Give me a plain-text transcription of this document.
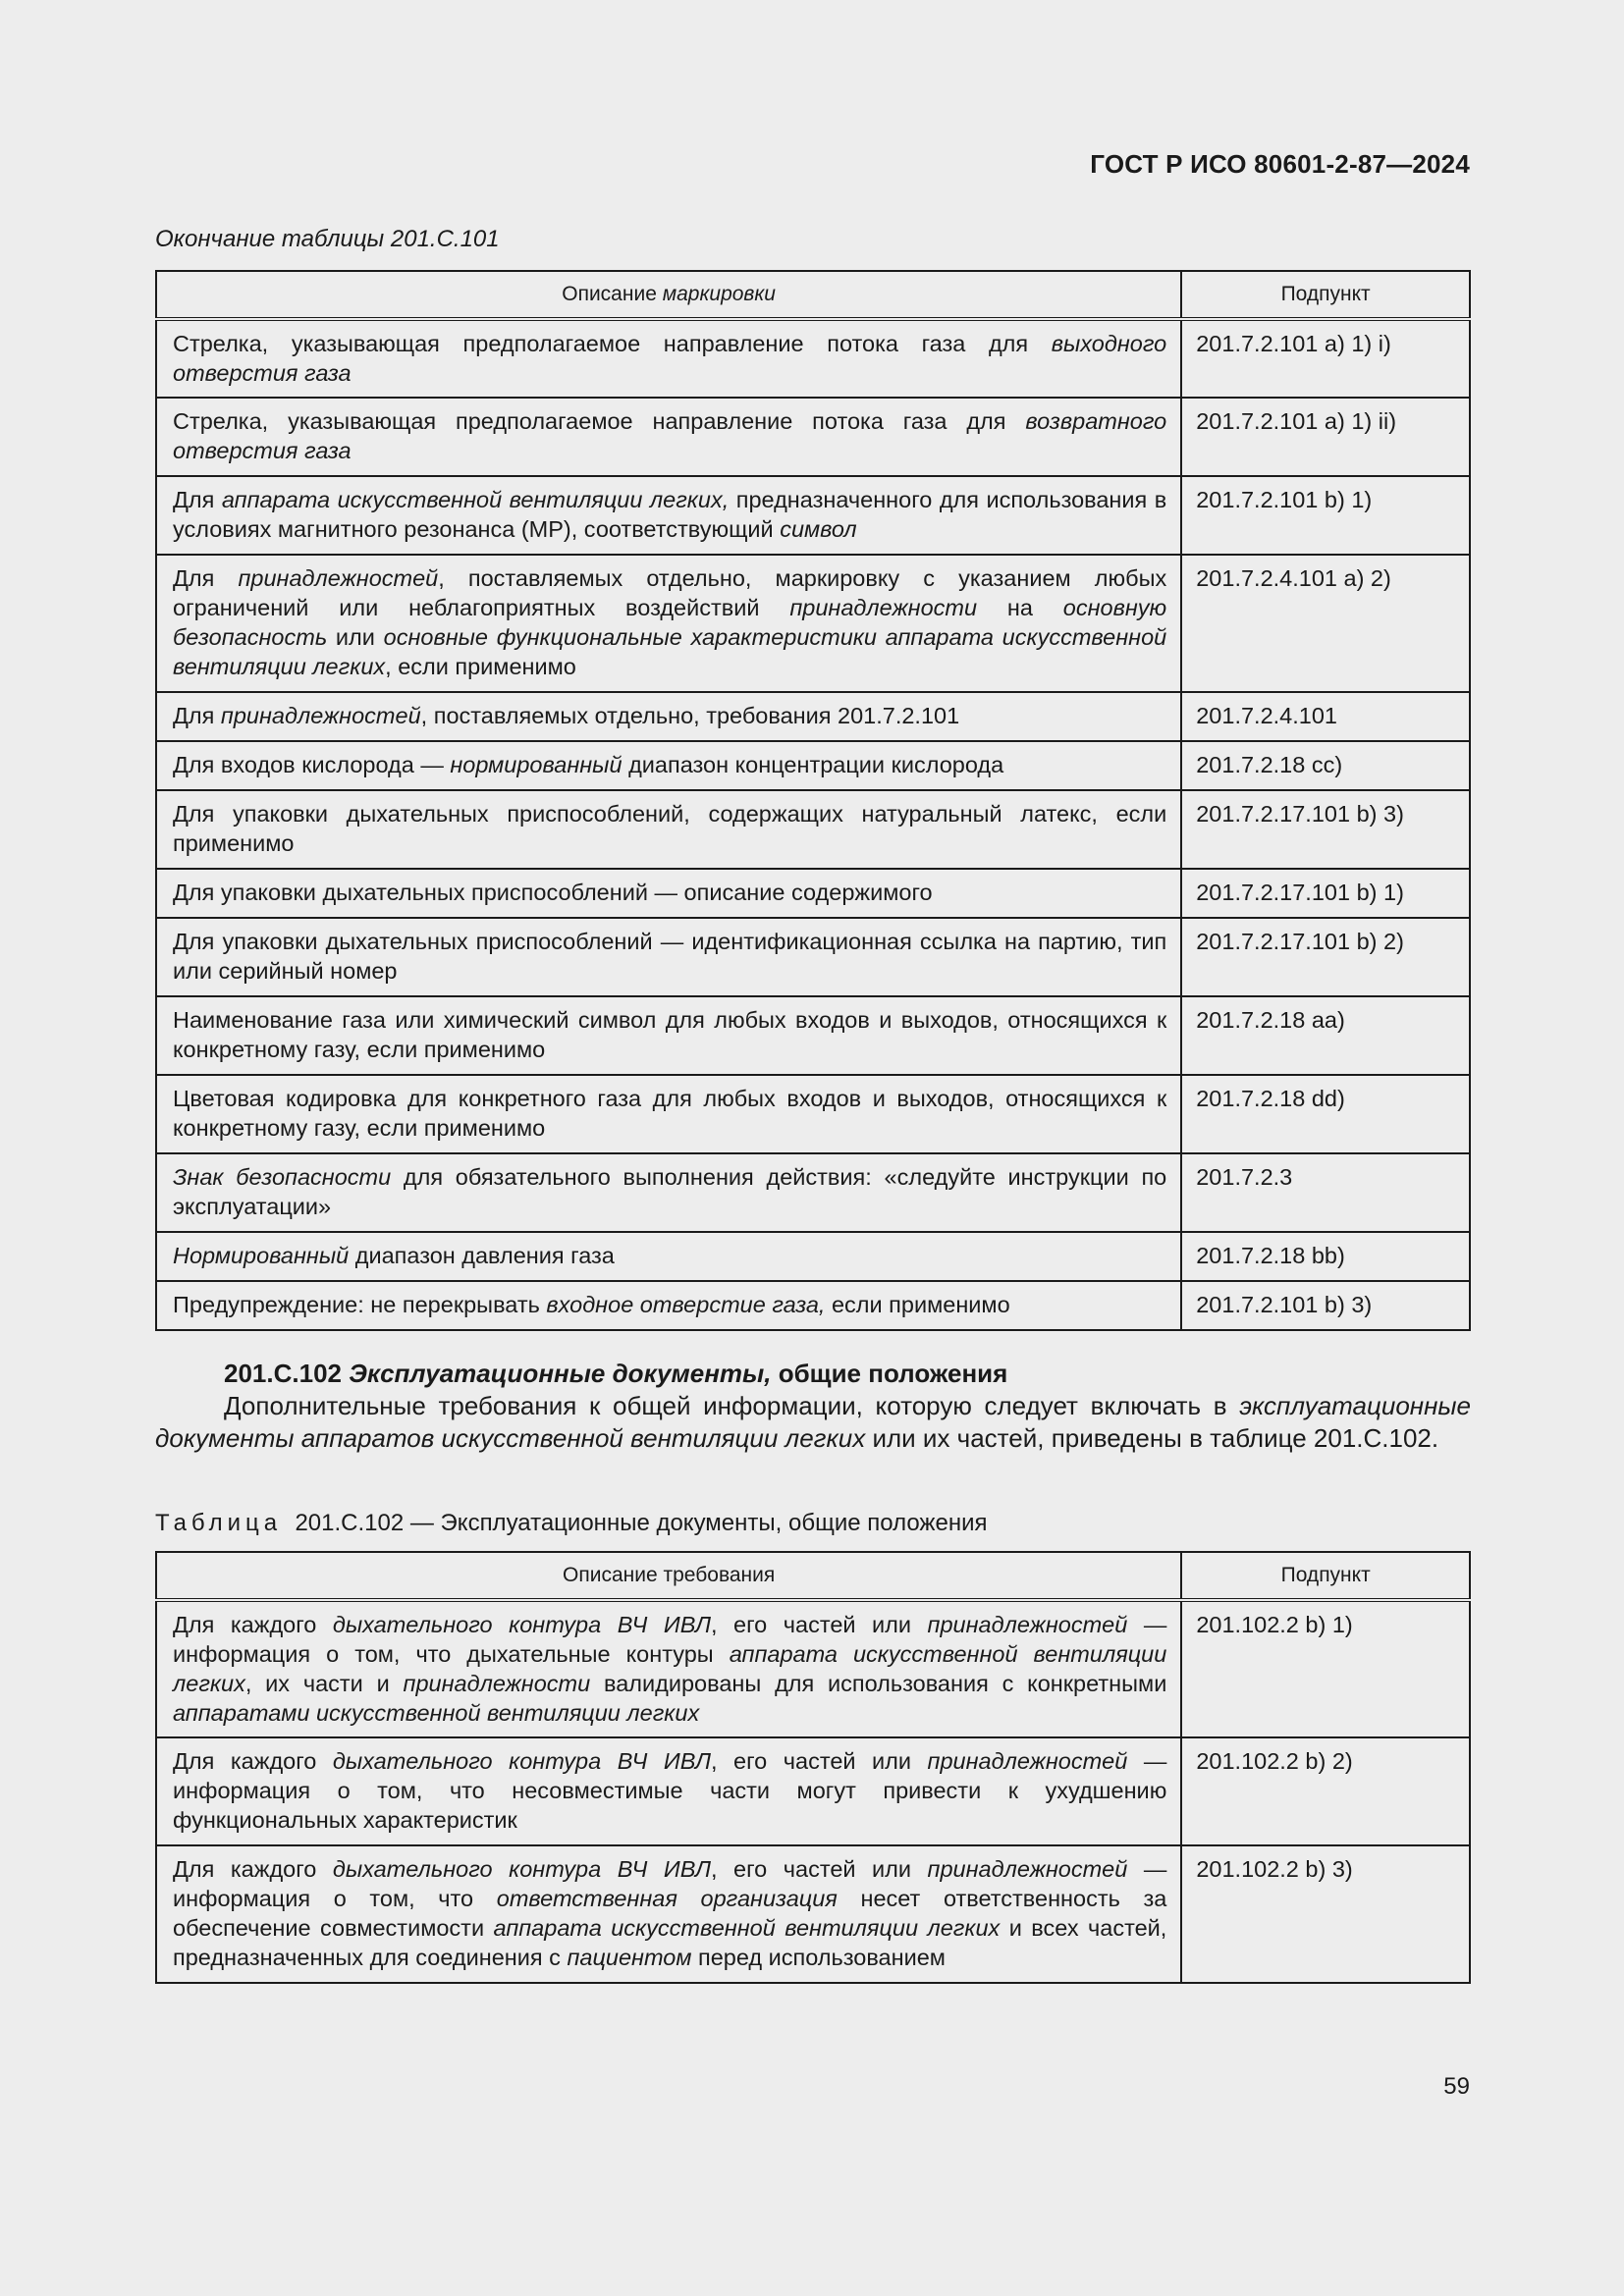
ГОСТ Р ИСО 80601-2-87—2024
Окончание таблицы 201.С.101
Описание маркировки	Подпункт
Стрелка, указывающая предполагаемое направление потока газа для выходного отверстия газа	201.7.2.101 a) 1) i)
Стрелка, указывающая предполагаемое направление потока газа для возвратного отверстия газа	201.7.2.101 a) 1) ii)
Для аппарата искусственной вентиляции легких, предназначенного для использования в условиях магнитного резонанса (MP), соответствующий символ	201.7.2.101 b) 1)
Для принадлежностей, поставляемых отдельно, маркировку с указанием любых ограничений или неблагоприятных воздействий принадлежности на основную безопасность или основные функциональные характеристики аппарата искусственной вентиляции легких, если применимо	201.7.2.4.101 a) 2)
Для принадлежностей, поставляемых отдельно, требования 201.7.2.101	201.7.2.4.101
Для входов кислорода — нормированный диапазон концентрации кислорода	201.7.2.18 cc)
Для упаковки дыхательных приспособлений, содержащих натуральный латекс, если применимо	201.7.2.17.101 b) 3)
Для упаковки дыхательных приспособлений — описание содержимого	201.7.2.17.101 b) 1)
Для упаковки дыхательных приспособлений — идентификационная ссылка на партию, тип или серийный номер	201.7.2.17.101 b) 2)
Наименование газа или химический символ для любых входов и выходов, относящихся к конкретному газу, если применимо	201.7.2.18 aa)
Цветовая кодировка для конкретного газа для любых входов и выходов, относящихся к конкретному газу, если применимо	201.7.2.18 dd)
Знак безопасности для обязательного выполнения действия: «следуйте инструкции по эксплуатации»	201.7.2.3
Нормированный диапазон давления газа	201.7.2.18 bb)
Предупреждение: не перекрывать входное отверстие газа, если применимо	201.7.2.101 b) 3)
201.С.102 Эксплуатационные документы, общие положения
Дополнительные требования к общей информации, которую следует включать в эксплуатационные документы аппаратов искусственной вентиляции легких или их частей, приведены в таблице 201.С.102.
Таблица 201.С.102 — Эксплуатационные документы, общие положения
Описание требования	Подпункт
Для каждого дыхательного контура ВЧ ИВЛ, его частей или принадлежностей — информация о том, что дыхательные контуры аппарата искусственной вентиляции легких, их части и принадлежности валидированы для использования с конкретными аппаратами искусственной вентиляции легких	201.102.2 b) 1)
Для каждого дыхательного контура ВЧ ИВЛ, его частей или принадлежностей — информация о том, что несовместимые части могут привести к ухудшению функциональных характеристик	201.102.2 b) 2)
Для каждого дыхательного контура ВЧ ИВЛ, его частей или принадлежностей — информация о том, что ответственная организация несет ответственность за обеспечение совместимости аппарата искусственной вентиляции легких и всех частей, предназначенных для соединения с пациентом перед использованием	201.102.2 b) 3)
59
